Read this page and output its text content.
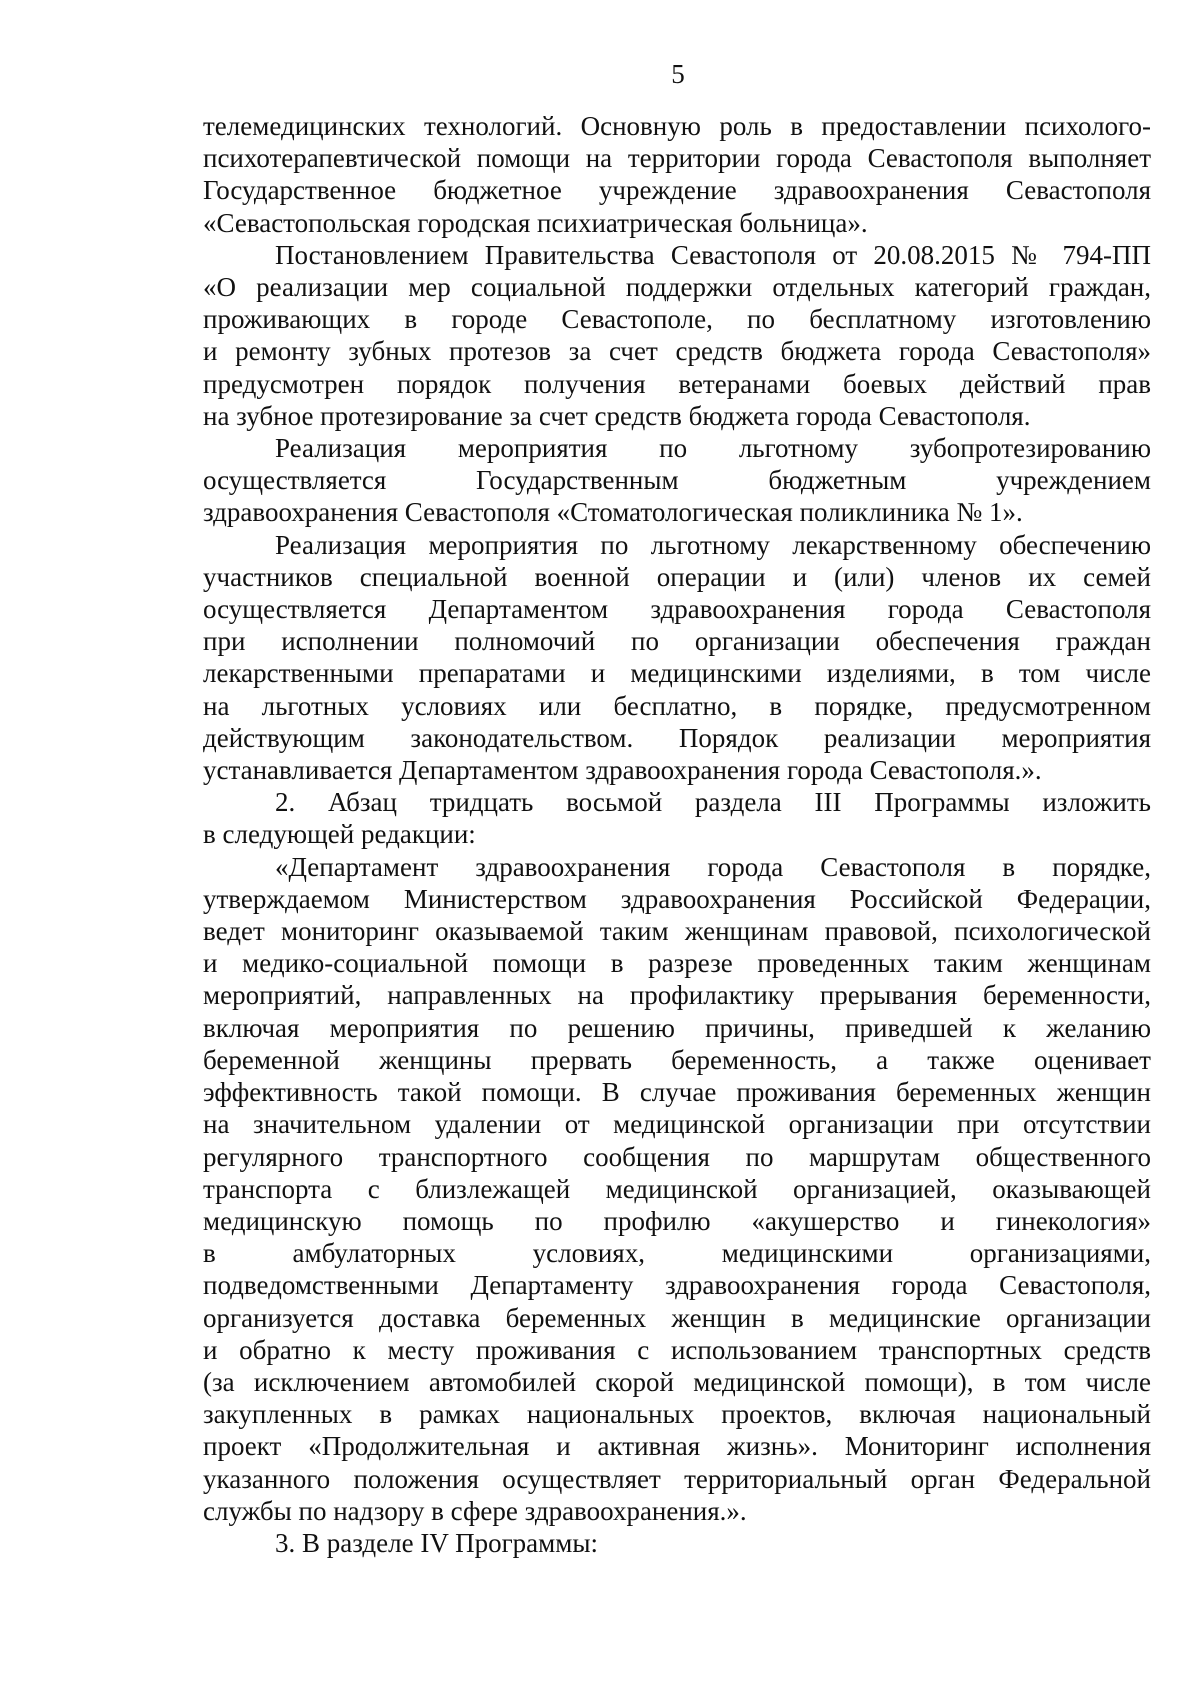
5
телемедицинских технологий. Основную роль в предоставлении психолого-
психотерапевтической помощи на территории города Севастополя выполняет
Государственное бюджетное учреждение здравоохранения Севастополя
«Севастопольская городская психиатрическая больница».
Постановлением Правительства Севастополя от 20.08.2015 № 794-ПП
«О реализации мер социальной поддержки отдельных категорий граждан,
проживающих в городе Севастополе, по бесплатному изготовлению
и ремонту зубных протезов за счет средств бюджета города Севастополя»
предусмотрен порядок получения ветеранами боевых действий прав
на зубное протезирование за счет средств бюджета города Севастополя.
Реализация мероприятия по льготному зубопротезированию
осуществляется Государственным бюджетным учреждением
здравоохранения Севастополя «Стоматологическая поликлиника № 1».
Реализация мероприятия по льготному лекарственному обеспечению
участников специальной военной операции и (или) членов их семей
осуществляется Департаментом здравоохранения города Севастополя
при исполнении полномочий по организации обеспечения граждан
лекарственными препаратами и медицинскими изделиями, в том числе
на льготных условиях или бесплатно, в порядке, предусмотренном
действующим законодательством. Порядок реализации мероприятия
устанавливается Департаментом здравоохранения города Севастополя.».
2. Абзац тридцать восьмой раздела III Программы изложить
в следующей редакции:
«Департамент здравоохранения города Севастополя в порядке,
утверждаемом Министерством здравоохранения Российской Федерации,
ведет мониторинг оказываемой таким женщинам правовой, психологической
и медико-социальной помощи в разрезе проведенных таким женщинам
мероприятий, направленных на профилактику прерывания беременности,
включая мероприятия по решению причины, приведшей к желанию
беременной женщины прервать беременность, а также оценивает
эффективность такой помощи. В случае проживания беременных женщин
на значительном удалении от медицинской организации при отсутствии
регулярного транспортного сообщения по маршрутам общественного
транспорта с близлежащей медицинской организацией, оказывающей
медицинскую помощь по профилю «акушерство и гинекология»
в амбулаторных условиях, медицинскими организациями,
подведомственными Департаменту здравоохранения города Севастополя,
организуется доставка беременных женщин в медицинские организации
и обратно к месту проживания с использованием транспортных средств
(за исключением автомобилей скорой медицинской помощи), в том числе
закупленных в рамках национальных проектов, включая национальный
проект «Продолжительная и активная жизнь». Мониторинг исполнения
указанного положения осуществляет территориальный орган Федеральной
службы по надзору в сфере здравоохранения.».
3. В разделе IV Программы:
